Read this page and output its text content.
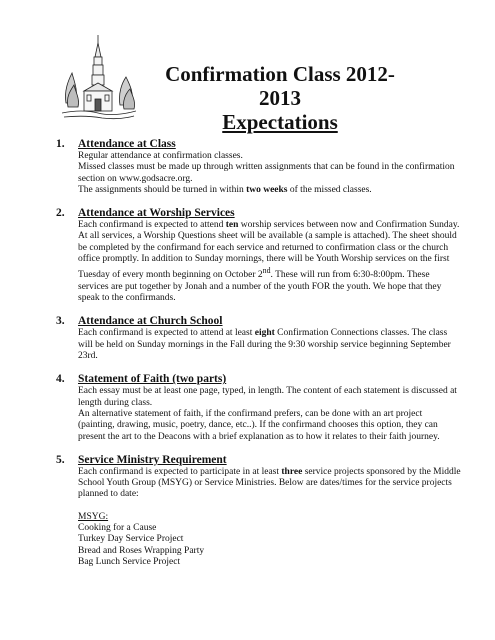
Confirmation Class 2012-2013
Expectations
1.	Attendance at Class

Regular attendance at confirmation classes.

Missed classes must be made up through written assignments that can be found in the confirmation section on www.godsacre.org.

The assignments should be turned in within two weeks of the missed classes.

2.	Attendance at Worship Services

Each confirmand is expected to attend ten worship services between now and Confirmation Sunday. At all services, a Worship Questions sheet will be available (a sample is attached). The sheet should be completed by the confirmand for each service and returned to confirmation class or the church office promptly. In addition to Sunday mornings, there will be Youth Worship services on the first Tuesday of every month beginning on October 2nd. These will run from 6:30-8:00pm. These services are put together by Jonah and a number of the youth FOR the youth. We hope that they speak to the confirmands.

3.	Attendance at Church School

Each confirmand is expected to attend at least eight Confirmation Connections classes. The class will be held on Sunday mornings in the Fall during the 9:30 worship service beginning September 23rd.

4.	Statement of Faith (two parts)

Each essay must be at least one page, typed, in length. The content of each statement is discussed at length during class.

An alternative statement of faith, if the confirmand prefers, can be done with an art project (painting, drawing, music, poetry, dance, etc..). If the confirmand chooses this option, they can present the art to the Deacons with a brief explanation as to how it relates to their faith journey.

5.	Service Ministry Requirement

Each confirmand is expected to participate in at least three service projects sponsored by the Middle School Youth Group (MSYG) or Service Ministries. Below are dates/times for the service projects planned to date:

MSYG:

Cooking for a Cause

Turkey Day Service Project

Bread and Roses Wrapping Party

Bag Lunch Service Project
